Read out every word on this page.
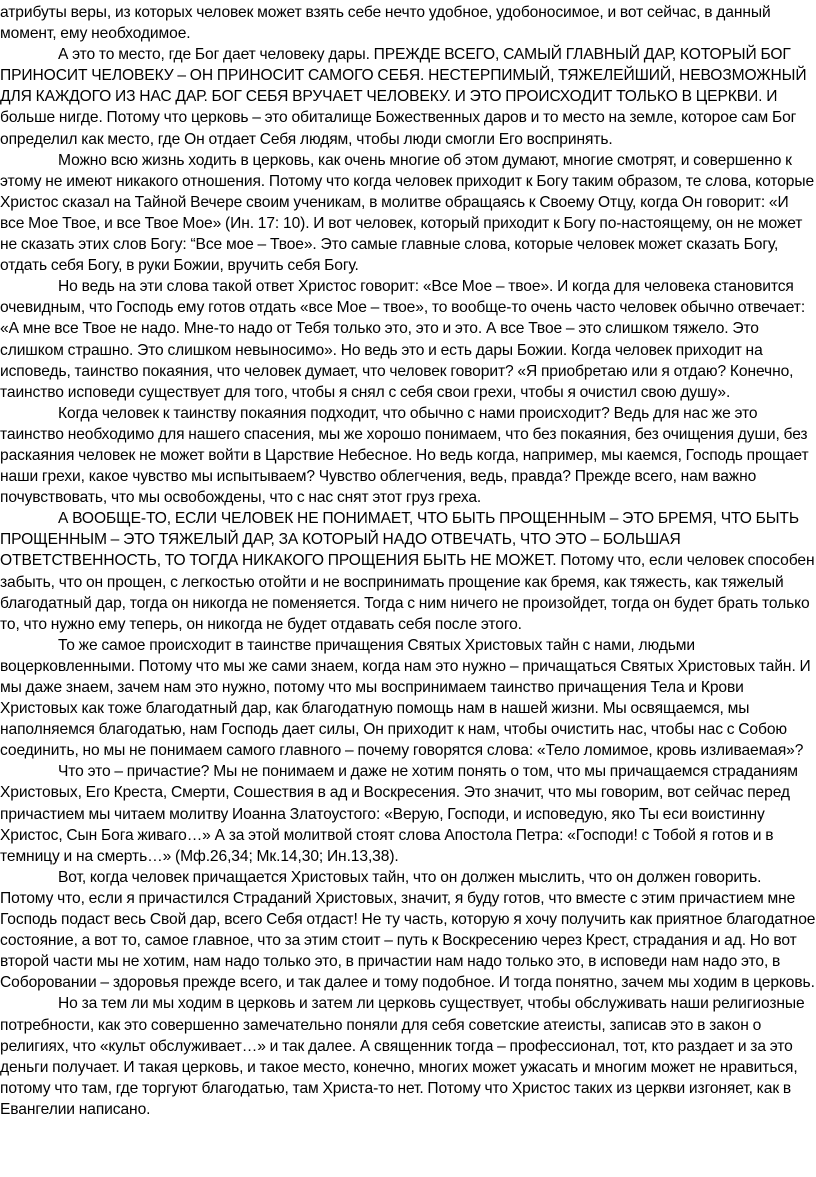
атрибуты веры, из которых человек может взять себе нечто удобное, удобоносимое, и вот сейчас, в данный момент, ему необходимое.

А это то место, где Бог дает человеку дары. ПРЕЖДЕ ВСЕГО, САМЫЙ ГЛАВНЫЙ ДАР, КОТОРЫЙ БОГ ПРИНОСИТ ЧЕЛОВЕКУ – ОН ПРИНОСИТ САМОГО СЕБЯ. НЕСТЕРПИМЫЙ, ТЯЖЕЛЕЙШИЙ, НЕВОЗМОЖНЫЙ ДЛЯ КАЖДОГО ИЗ НАС ДАР. БОГ СЕБЯ ВРУЧАЕТ ЧЕЛОВЕКУ. И ЭТО ПРОИСХОДИТ ТОЛЬКО В ЦЕРКВИ. И больше нигде. Потому что церковь – это обиталище Божественных даров и то место на земле, которое сам Бог определил как место, где Он отдает Себя людям, чтобы люди смогли Его воспринять.

Можно всю жизнь ходить в церковь, как очень многие об этом думают, многие смотрят, и совершенно к этому не имеют никакого отношения. Потому что когда человек приходит к Богу таким образом, те слова, которые Христос сказал на Тайной Вечере своим ученикам, в молитве обращаясь к Своему Отцу, когда Он говорит: «И все Мое Твое, и все Твое Мое» (Ин. 17: 10). И вот человек, который приходит к Богу по-настоящему, он не может не сказать этих слов Богу: “Все мое – Твое». Это самые главные слова, которые человек может сказать Богу, отдать себя Богу, в руки Божии, вручить себя Богу.

Но ведь на эти слова такой ответ Христос говорит: «Все Мое – твое». И когда для человека становится очевидным, что Господь ему готов отдать «все Мое – твое», то вообще-то очень часто человек обычно отвечает: «А мне все Твое не надо. Мне-то надо от Тебя только это, это и это. А все Твое – это слишком тяжело. Это слишком страшно. Это слишком невыносимо». Но ведь это и есть дары Божии. Когда человек приходит на исповедь, таинство покаяния, что человек думает, что человек говорит? «Я приобретаю или я отдаю? Конечно, таинство исповеди существует для того, чтобы я снял с себя свои грехи, чтобы я очистил свою душу».

Когда человек к таинству покаяния подходит, что обычно с нами происходит? Ведь для нас же это таинство необходимо для нашего спасения, мы же хорошо понимаем, что без покаяния, без очищения души, без раскаяния человек не может войти в Царствие Небесное. Но ведь когда, например, мы каемся, Господь прощает наши грехи, какое чувство мы испытываем? Чувство облегчения, ведь, правда? Прежде всего, нам важно почувствовать, что мы освобождены, что с нас снят этот груз греха.

А ВООБЩЕ-ТО, ЕСЛИ ЧЕЛОВЕК НЕ ПОНИМАЕТ, ЧТО БЫТЬ ПРОЩЕННЫМ – ЭТО БРЕМЯ, ЧТО БЫТЬ ПРОЩЕННЫМ – ЭТО ТЯЖЕЛЫЙ ДАР, ЗА КОТОРЫЙ НАДО ОТВЕЧАТЬ, ЧТО ЭТО – БОЛЬШАЯ ОТВЕТСТВЕННОСТЬ, ТО ТОГДА НИКАКОГО ПРОЩЕНИЯ БЫТЬ НЕ МОЖЕТ. Потому что, если человек способен забыть, что он прощен, с легкостью отойти и не воспринимать прощение как бремя, как тяжесть, как тяжелый благодатный дар, тогда он никогда не поменяется. Тогда с ним ничего не произойдет, тогда он будет брать только то, что нужно ему теперь, он никогда не будет отдавать себя после этого.

То же самое происходит в таинстве причащения Святых Христовых тайн с нами, людьми воцерковленными. Потому что мы же сами знаем, когда нам это нужно – причащаться Святых Христовых тайн. И мы даже знаем, зачем нам это нужно, потому что мы воспринимаем таинство причащения Тела и Крови Христовых как тоже благодатный дар, как благодатную помощь нам в нашей жизни. Мы освящаемся, мы наполняемся благодатью, нам Господь дает силы, Он приходит к нам, чтобы очистить нас, чтобы нас с Собою соединить, но мы не понимаем самого главного – почему говорятся слова: «Тело ломимое, кровь изливаемая»?

Что это – причастие? Мы не понимаем и даже не хотим понять о том, что мы причащаемся страданиям Христовых, Его Креста, Смерти, Сошествия в ад и Воскресения. Это значит, что мы говорим, вот сейчас перед причастием мы читаем молитву Иоанна Златоустого: «Верую, Господи, и исповедую, яко Ты еси воистинну Христос, Сын Бога живаго…» А за этой молитвой стоят слова Апостола Петра: «Господи! с Тобой я готов и в темницу и на смерть…» (Мф.26,34; Мк.14,30; Ин.13,38).

Вот, когда человек причащается Христовых тайн, что он должен мыслить, что он должен говорить. Потому что, если я причастился Страданий Христовых, значит, я буду готов, что вместе с этим причастием мне Господь подаст весь Свой дар, всего Себя отдаст! Не ту часть, которую я хочу получить как приятное благодатное состояние, а вот то, самое главное, что за этим стоит – путь к Воскресению через Крест, страдания и ад. Но вот второй части мы не хотим, нам надо только это, в причастии нам надо только это, в исповеди нам надо это, в Соборовании – здоровья прежде всего, и так далее и тому подобное. И тогда понятно, зачем мы ходим в церковь.

Но за тем ли мы ходим в церковь и затем ли церковь существует, чтобы обслуживать наши религиозные потребности, как это совершенно замечательно поняли для себя советские атеисты, записав это в закон о религиях, что «культ обслуживает…» и так далее. А священник тогда – профессионал, тот, кто раздает и за это деньги получает. И такая церковь, и такое место, конечно, многих может ужасать и многим может не нравиться, потому что там, где торгуют благодатью, там Христа-то нет. Потому что Христос таких из церкви изгоняет, как в Евангелии написано.
